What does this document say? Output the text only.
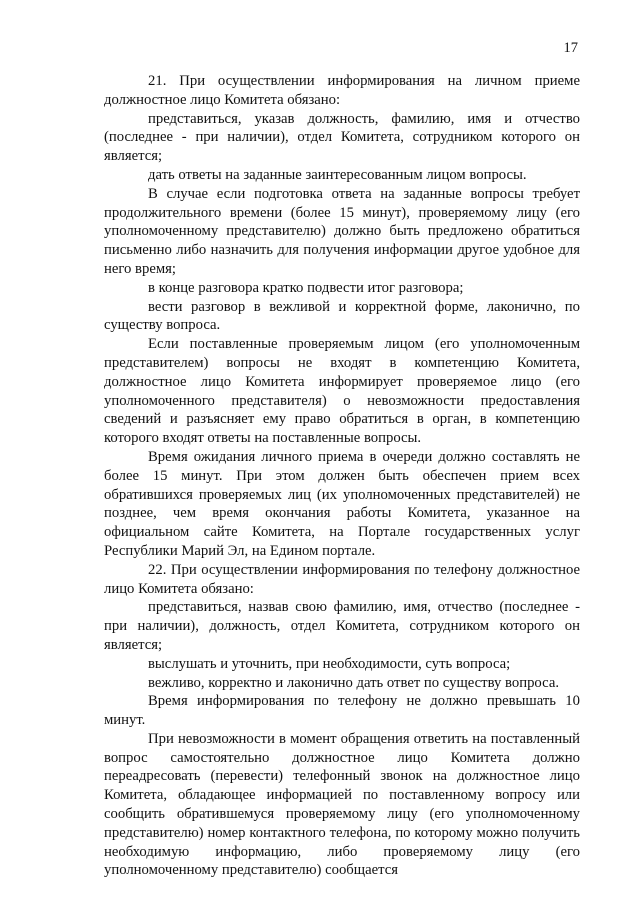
17

21. При осуществлении информирования на личном приеме должностное лицо Комитета обязано:

представиться, указав должность, фамилию, имя и отчество (последнее - при наличии), отдел Комитета, сотрудником которого он является;

дать ответы на заданные заинтересованным лицом вопросы.

В случае если подготовка ответа на заданные вопросы требует продолжительного времени (более 15 минут), проверяемому лицу (его уполномоченному представителю) должно быть предложено обратиться письменно либо назначить для получения информации другое удобное для него время;

в конце разговора кратко подвести итог разговора;

вести разговор в вежливой и корректной форме, лаконично, по существу вопроса.

Если поставленные проверяемым лицом (его уполномоченным представителем) вопросы не входят в компетенцию Комитета, должностное лицо Комитета информирует проверяемое лицо (его уполномоченного представителя) о невозможности предоставления сведений и разъясняет ему право обратиться в орган, в компетенцию которого входят ответы на поставленные вопросы.

Время ожидания личного приема в очереди должно составлять не более 15 минут. При этом должен быть обеспечен прием всех обратившихся проверяемых лиц (их уполномоченных представителей) не позднее, чем время окончания работы Комитета, указанное на официальном сайте Комитета, на Портале государственных услуг Республики Марий Эл, на Едином портале.

22. При осуществлении информирования по телефону должностное лицо Комитета обязано:

представиться, назвав свою фамилию, имя, отчество (последнее - при наличии), должность, отдел Комитета, сотрудником которого он является;

выслушать и уточнить, при необходимости, суть вопроса;

вежливо, корректно и лаконично дать ответ по существу вопроса.

Время информирования по телефону не должно превышать 10 минут.

При невозможности в момент обращения ответить на поставленный вопрос самостоятельно должностное лицо Комитета должно переадресовать (перевести) телефонный звонок на должностное лицо Комитета, обладающее информацией по поставленному вопросу или сообщить обратившемуся проверяемому лицу (его уполномоченному представителю) номер контактного телефона, по которому можно получить необходимую информацию, либо проверяемому лицу (его уполномоченному представителю) сообщается
